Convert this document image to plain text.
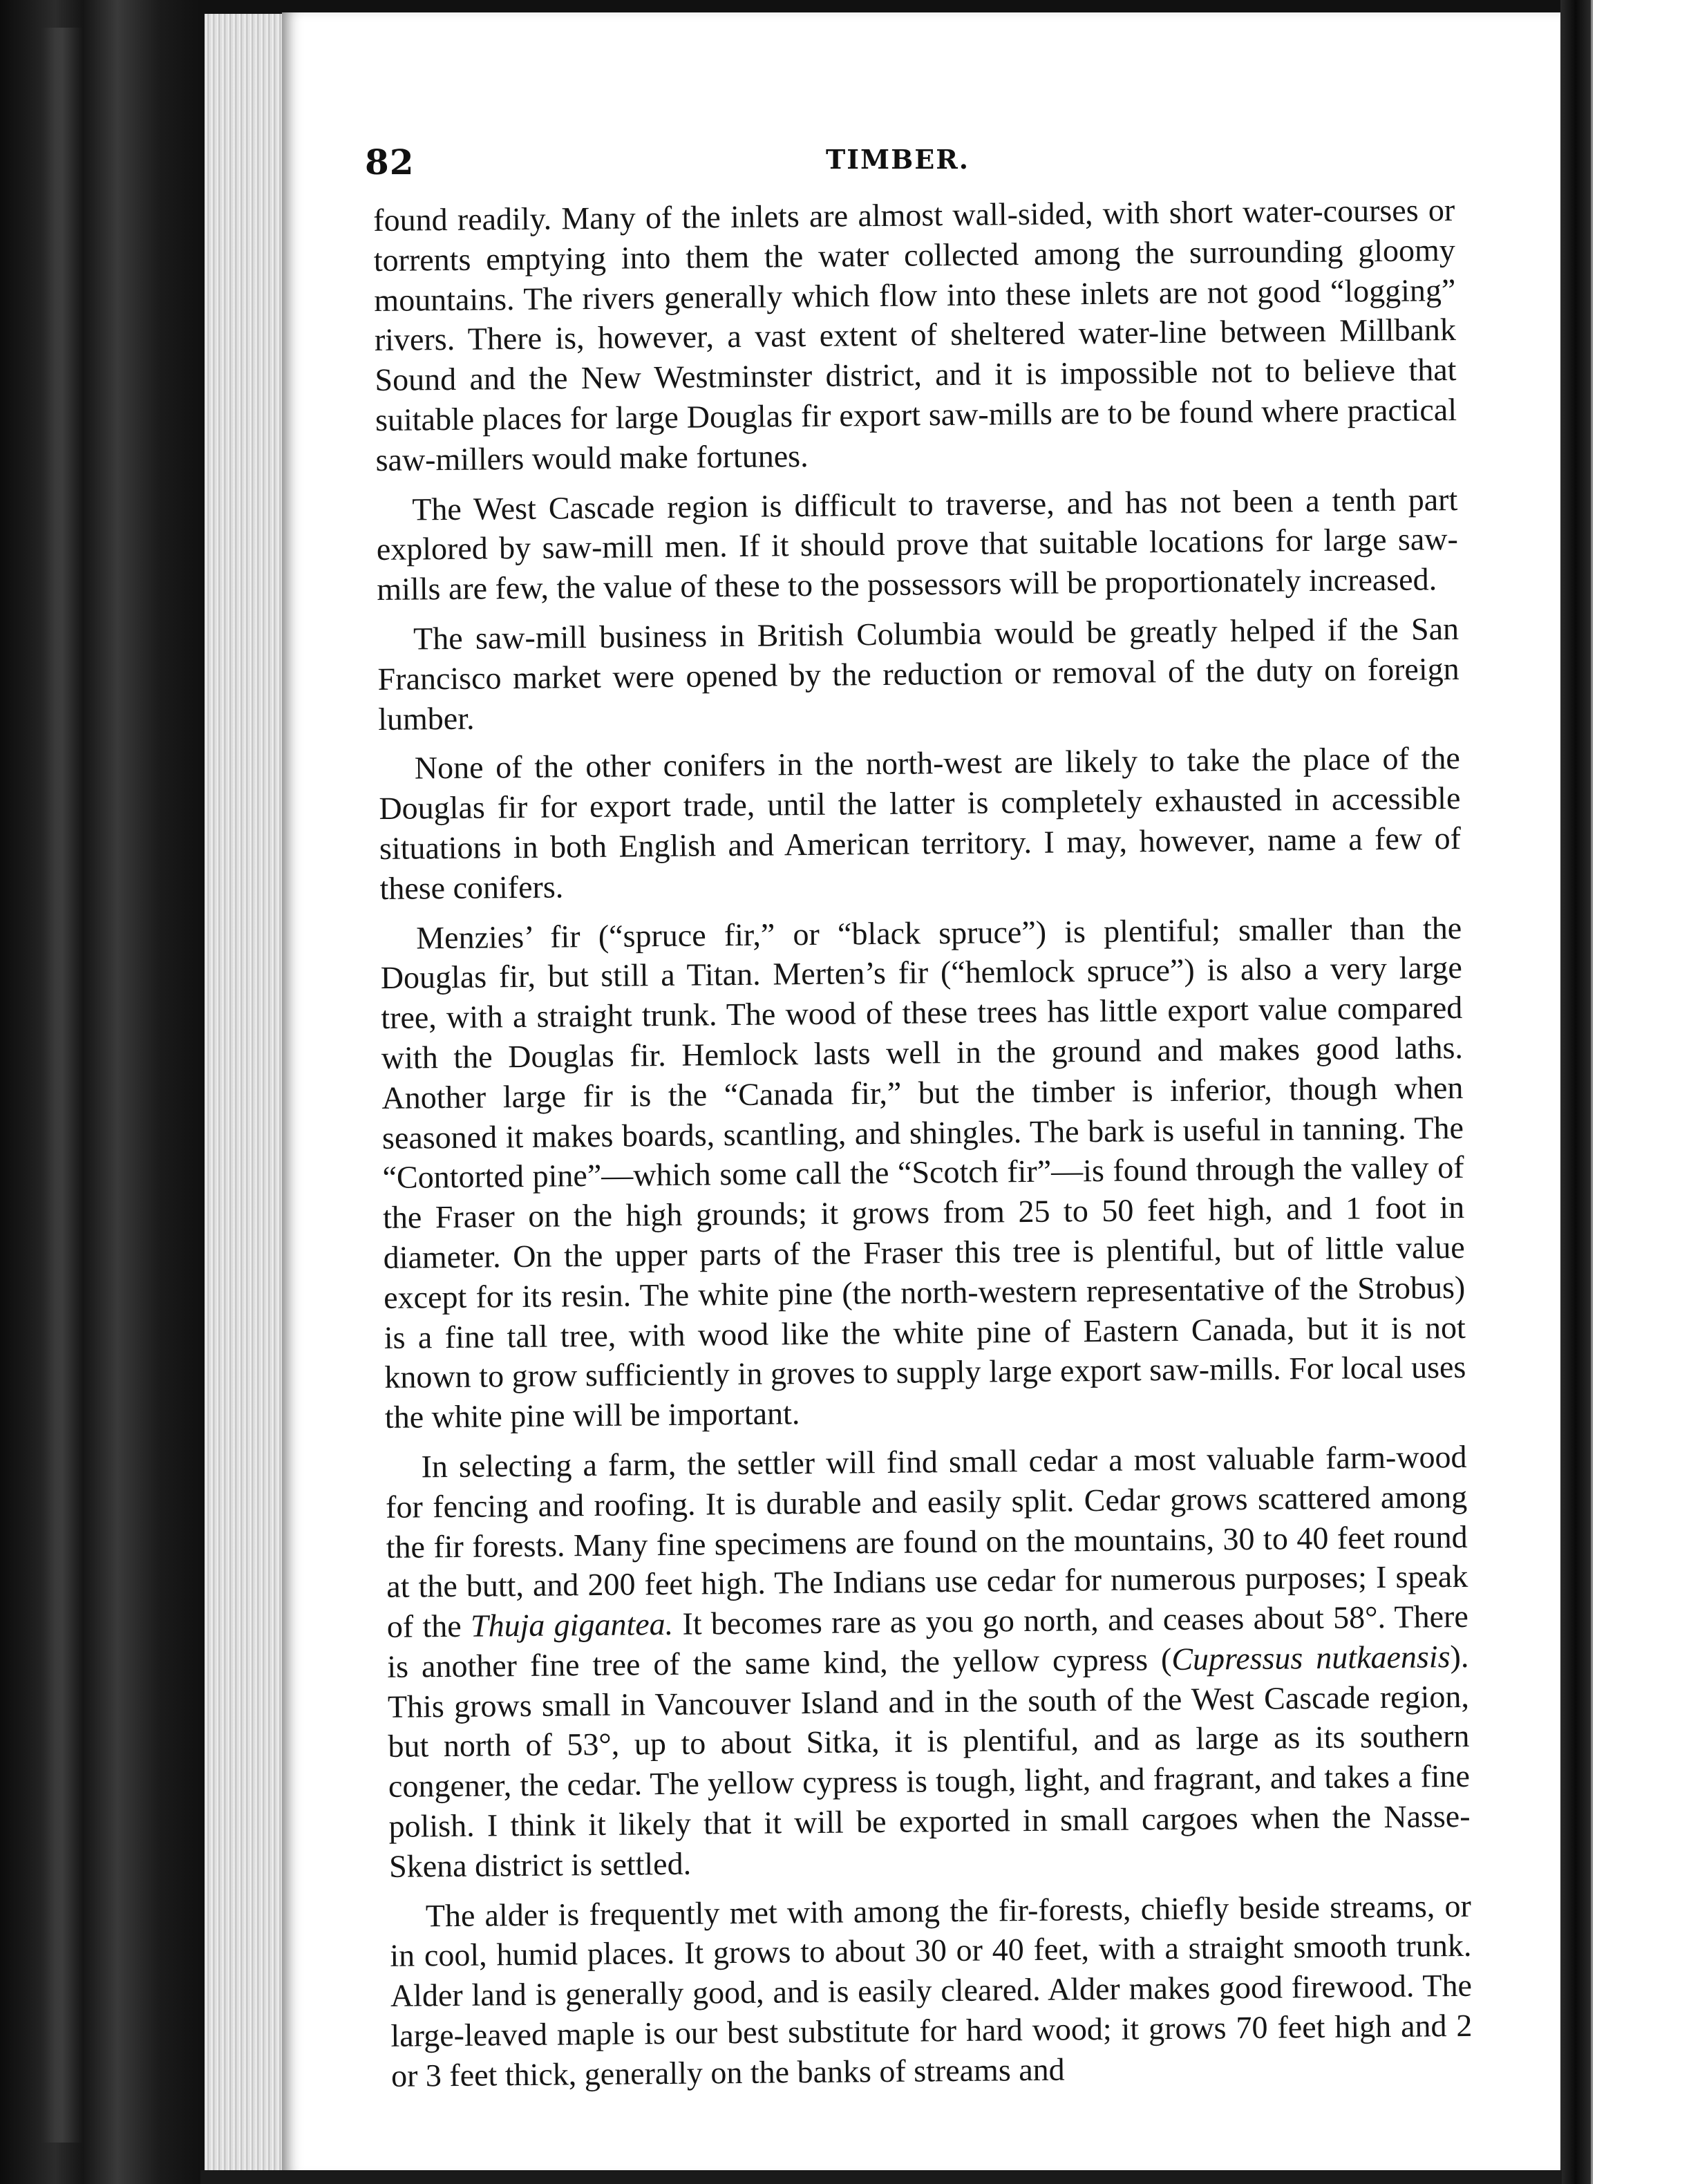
82	TIMBER.

found readily. Many of the inlets are almost wall-sided, with short water-courses or torrents emptying into them the water collected among the surrounding gloomy mountains. The rivers generally which flow into these inlets are not good “logging” rivers. There is, however, a vast extent of sheltered water-line between Millbank Sound and the New Westminster district, and it is impossible not to believe that suitable places for large Douglas fir export saw-mills are to be found where practical saw-millers would make fortunes.

The West Cascade region is difficult to traverse, and has not been a tenth part explored by saw-mill men. If it should prove that suitable locations for large saw-mills are few, the value of these to the possessors will be proportionately increased.

The saw-mill business in British Columbia would be greatly helped if the San Francisco market were opened by the reduction or removal of the duty on foreign lumber.

None of the other conifers in the north-west are likely to take the place of the Douglas fir for export trade, until the latter is completely exhausted in accessible situations in both English and American territory. I may, however, name a few of these conifers.

Menzies’ fir (“spruce fir,” or “black spruce”) is plentiful; smaller than the Douglas fir, but still a Titan. Merten’s fir (“hemlock spruce”) is also a very large tree, with a straight trunk. The wood of these trees has little export value compared with the Douglas fir. Hemlock lasts well in the ground and makes good laths. Another large fir is the “Canada fir,” but the timber is inferior, though when seasoned it makes boards, scantling, and shingles. The bark is useful in tanning. The “Contorted pine”—which some call the “Scotch fir”—is found through the valley of the Fraser on the high grounds; it grows from 25 to 50 feet high, and 1 foot in diameter. On the upper parts of the Fraser this tree is plentiful, but of little value except for its resin. The white pine (the north-western representative of the Strobus) is a fine tall tree, with wood like the white pine of Eastern Canada, but it is not known to grow sufficiently in groves to supply large export saw-mills. For local uses the white pine will be important.

In selecting a farm, the settler will find small cedar a most valuable farm-wood for fencing and roofing. It is durable and easily split. Cedar grows scattered among the fir forests. Many fine specimens are found on the mountains, 30 to 40 feet round at the butt, and 200 feet high. The Indians use cedar for numerous purposes; I speak of the Thuja gigantea. It becomes rare as you go north, and ceases about 58°. There is another fine tree of the same kind, the yellow cypress (Cupressus nutkaensis). This grows small in Vancouver Island and in the south of the West Cascade region, but north of 53°, up to about Sitka, it is plentiful, and as large as its southern congener, the cedar. The yellow cypress is tough, light, and fragrant, and takes a fine polish. I think it likely that it will be exported in small cargoes when the Nasse-Skena district is settled.

The alder is frequently met with among the fir-forests, chiefly beside streams, or in cool, humid places. It grows to about 30 or 40 feet, with a straight smooth trunk. Alder land is generally good, and is easily cleared. Alder makes good firewood. The large-leaved maple is our best substitute for hard wood; it grows 70 feet high and 2 or 3 feet thick, generally on the banks of streams and
